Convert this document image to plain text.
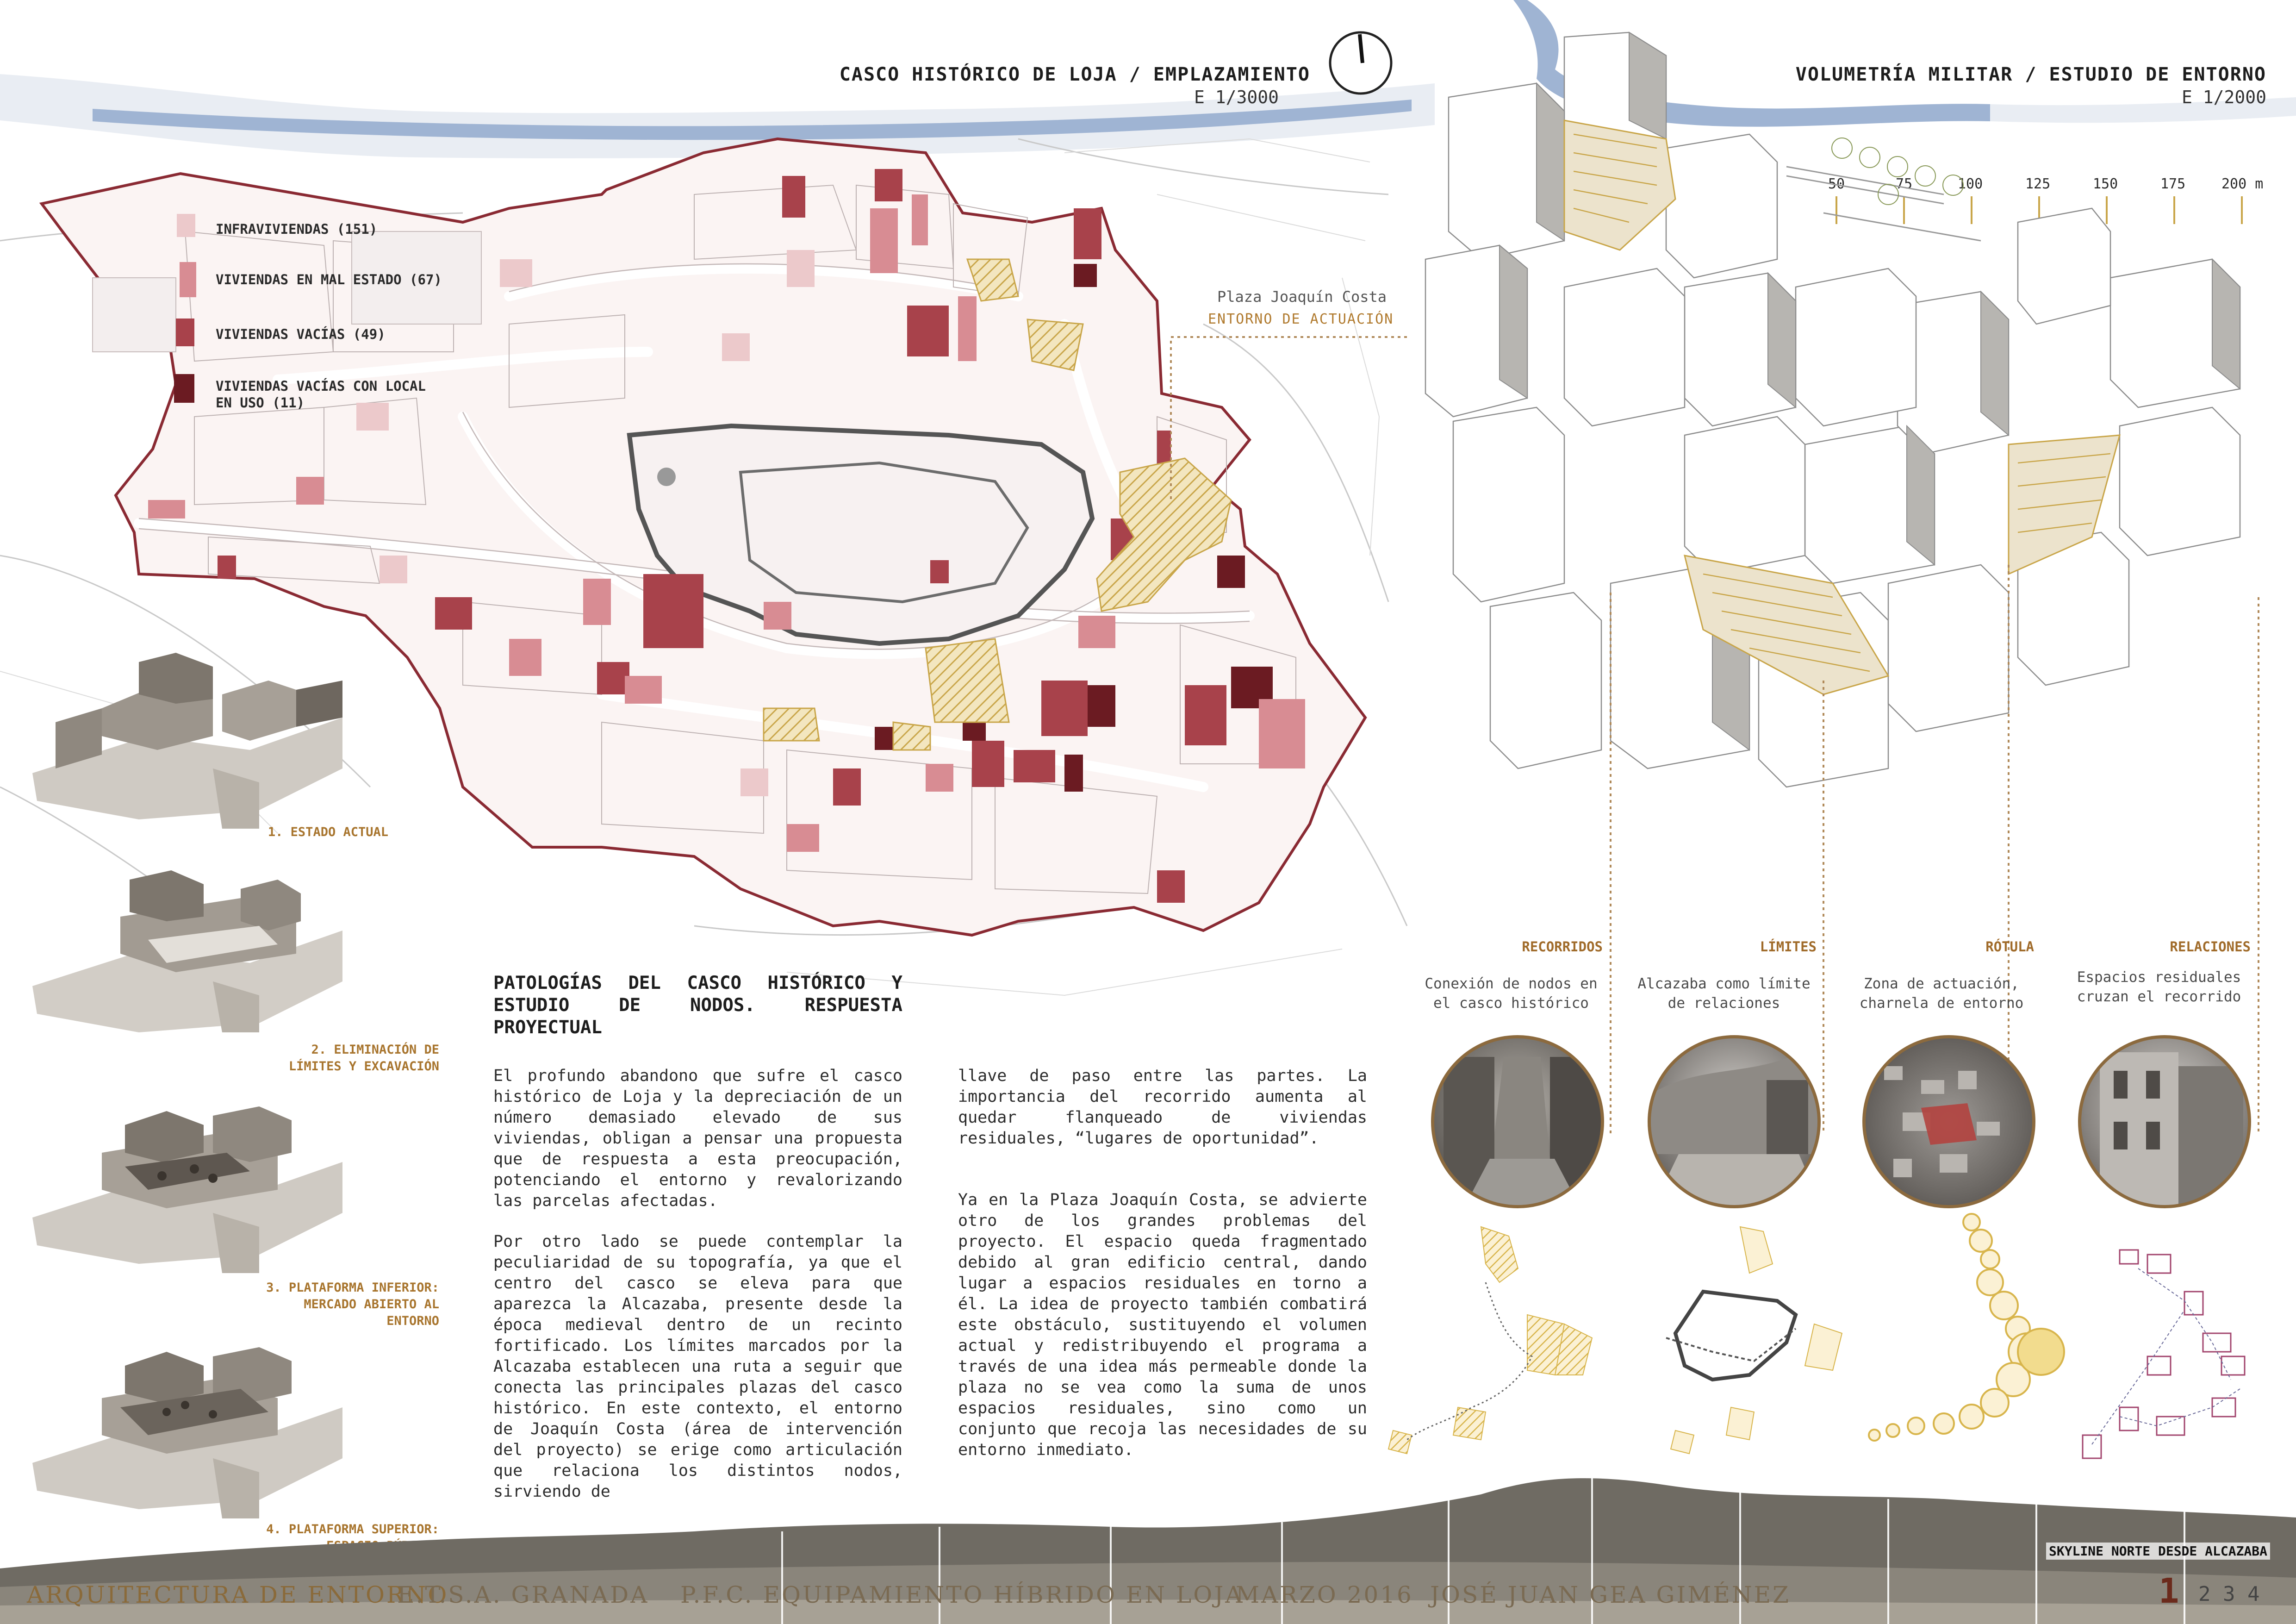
CASCO HISTÓRICO DE LOJA / EMPLAZAMIENTO
E 1/3000
INFRAVIVIENDAS (151)
VIVIENDAS EN MAL ESTADO (67)
VIVIENDAS VACÍAS (49)
VIVIENDAS VACÍAS CON LOCAL
EN USO (11)
Plaza Joaquín Costa
ENTORNO DE ACTUACIÓN
1. ESTADO ACTUAL
2. ELIMINACIÓN DE
LÍMITES Y EXCAVACIÓN
3. PLATAFORMA INFERIOR:
MERCADO ABIERTO AL
ENTORNO
4. PLATAFORMA SUPERIOR:
PATOLOGÍAS DEL CASCO HISTÓRICO Y ESTUDIO DE NODOS. RESPUESTA PROYECTUAL
El profundo abandono que sufre el casco histórico de Loja y la depreciación de un número demasiado elevado de sus viviendas, obligan a pensar una propuesta que de respuesta a esta preocupación, potenciando el entorno y revalorizando las parcelas afectadas.
Por otro lado se puede contemplar la peculiaridad de su topografía, ya que el centro del casco se eleva para que aparezca la Alcazaba, presente desde la época medieval dentro de un recinto fortificado. Los límites marcados por la Alcazaba establecen una ruta a seguir que conecta las principales plazas del casco histórico. En este contexto, el entorno de Joaquín Costa (área de intervención del proyecto) se erige como articulación que relaciona los distintos nodos, sirviendo de
llave de paso entre las partes. La importancia del recorrido aumenta al quedar flanqueado de viviendas residuales, “lugares de oportunidad”.
Ya en la Plaza Joaquín Costa, se advierte otro de los grandes problemas del proyecto. El espacio queda fragmentado debido al gran edificio central, dando lugar a espacios residuales en torno a él. La idea de proyecto también combatirá este obstáculo, sustituyendo el volumen actual y redistribuyendo el programa a través de una idea más permeable donde la plaza no se vea como la suma de unos espacios residuales, sino como un conjunto que recoja las necesidades de su entorno inmediato.
VOLUMETRÍA MILITAR / ESTUDIO DE ENTORNO
E 1/2000
50	75	100	125	150	175	200 m
RECORRIDOS
Conexión de nodos en
el casco histórico
LÍMITES
Alcazaba como límite
de relaciones
RÓTULA
Zona de actuación,
charnela de entorno
RELACIONES
Espacios residuales
cruzan el recorrido
SKYLINE NORTE DESDE ALCAZABA
ARQUITECTURA DE ENTORNO
E.T.S.A. GRANADA P.F.C. EQUIPAMIENTO HÍBRIDO EN LOJA
MARZO 2016 JOSÉ JUAN GEA GIMÉNEZ	1 2 3 4
